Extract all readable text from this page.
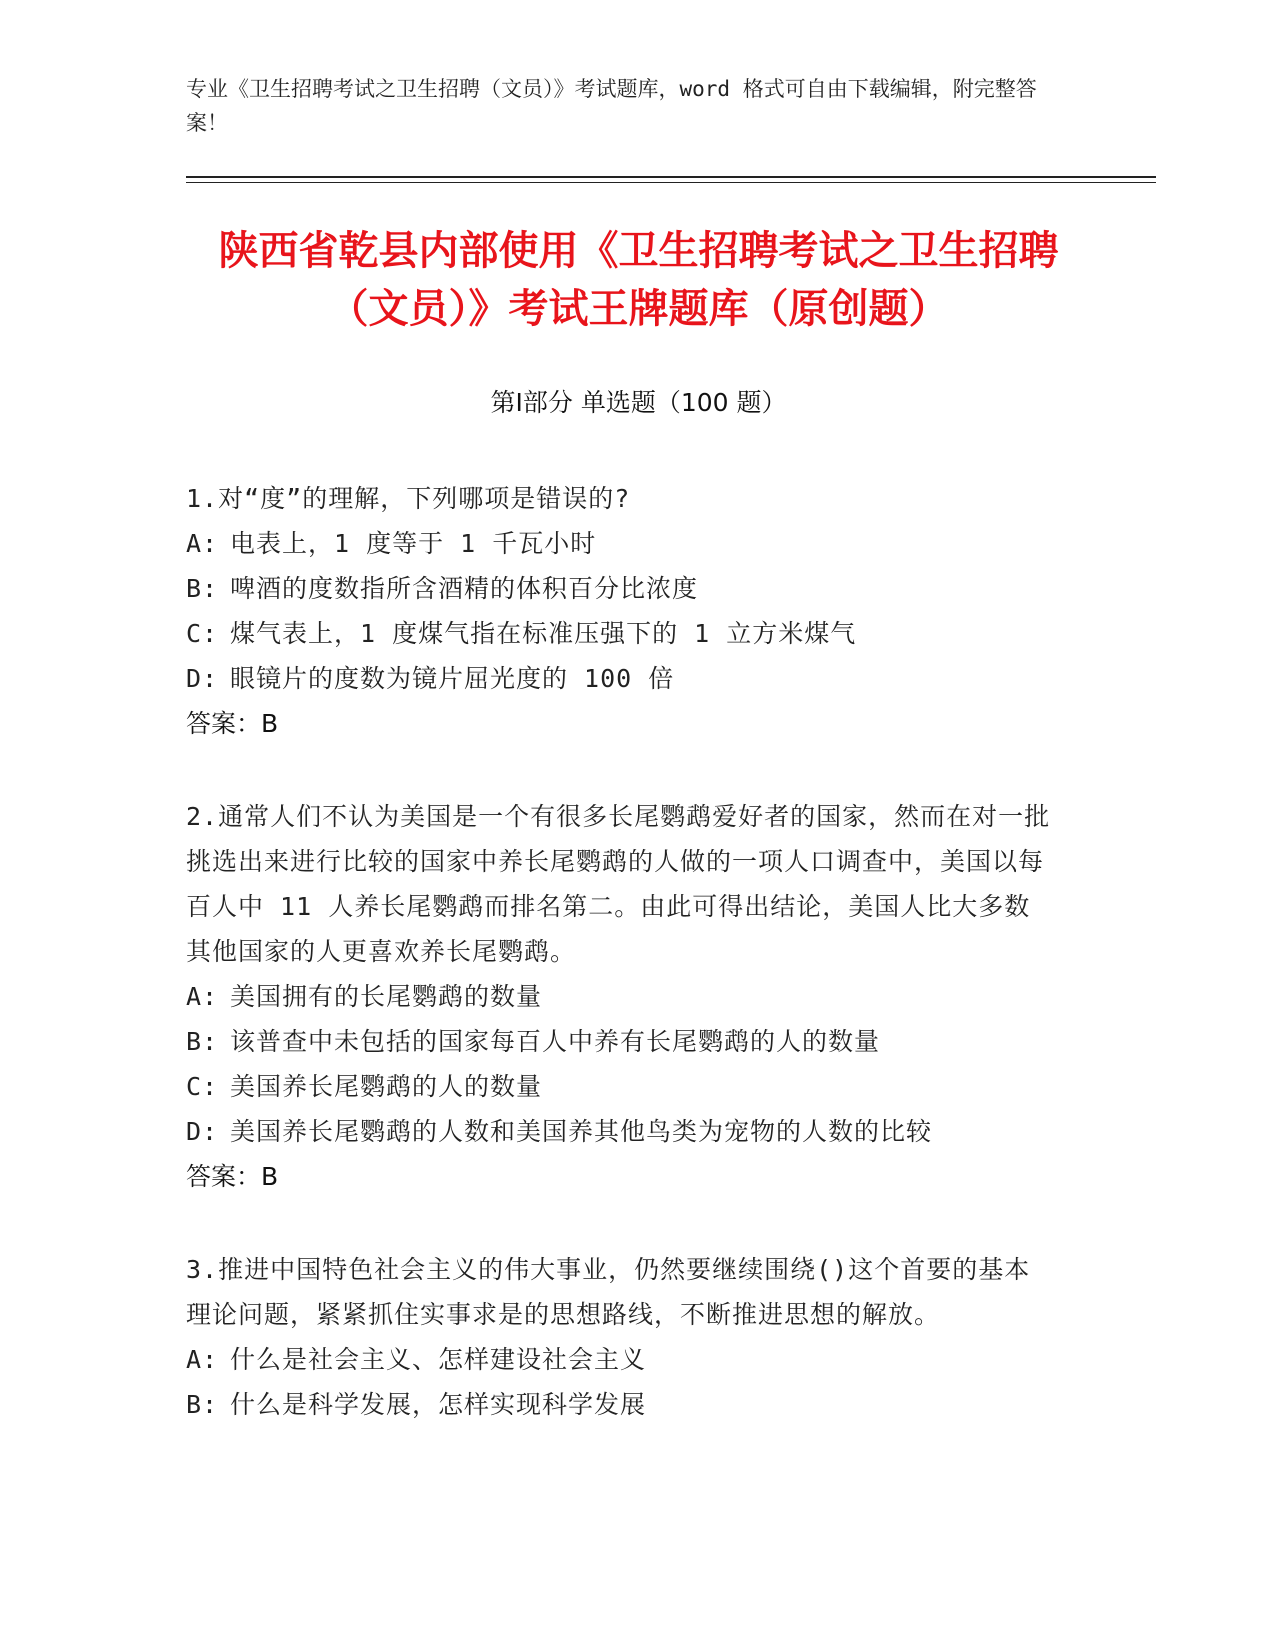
专业《卫生招聘考试之卫生招聘（文员）》考试题库，word 格式可自由下载编辑，附完整答案！
陕西省乾县内部使用《卫生招聘考试之卫生招聘（文员）》考试王牌题库（原创题）
第Ⅰ部分 单选题（100 题）
1.对“度”的理解，下列哪项是错误的?
A: 电表上，1 度等于 1 千瓦小时
B: 啤酒的度数指所含酒精的体积百分比浓度
C: 煤气表上，1 度煤气指在标准压强下的 1 立方米煤气
D: 眼镜片的度数为镜片屈光度的 100 倍
答案：B
2.通常人们不认为美国是一个有很多长尾鹦鹉爱好者的国家，然而在对一批挑选出来进行比较的国家中养长尾鹦鹉的人做的一项人口调查中，美国以每百人中 11 人养长尾鹦鹉而排名第二。由此可得出结论，美国人比大多数其他国家的人更喜欢养长尾鹦鹉。
A: 美国拥有的长尾鹦鹉的数量
B: 该普查中未包括的国家每百人中养有长尾鹦鹉的人的数量
C: 美国养长尾鹦鹉的人的数量
D: 美国养长尾鹦鹉的人数和美国养其他鸟类为宠物的人数的比较
答案：B
3.推进中国特色社会主义的伟大事业，仍然要继续围绕()这个首要的基本理论问题，紧紧抓住实事求是的思想路线，不断推进思想的解放。
A: 什么是社会主义、怎样建设社会主义
B: 什么是科学发展，怎样实现科学发展
